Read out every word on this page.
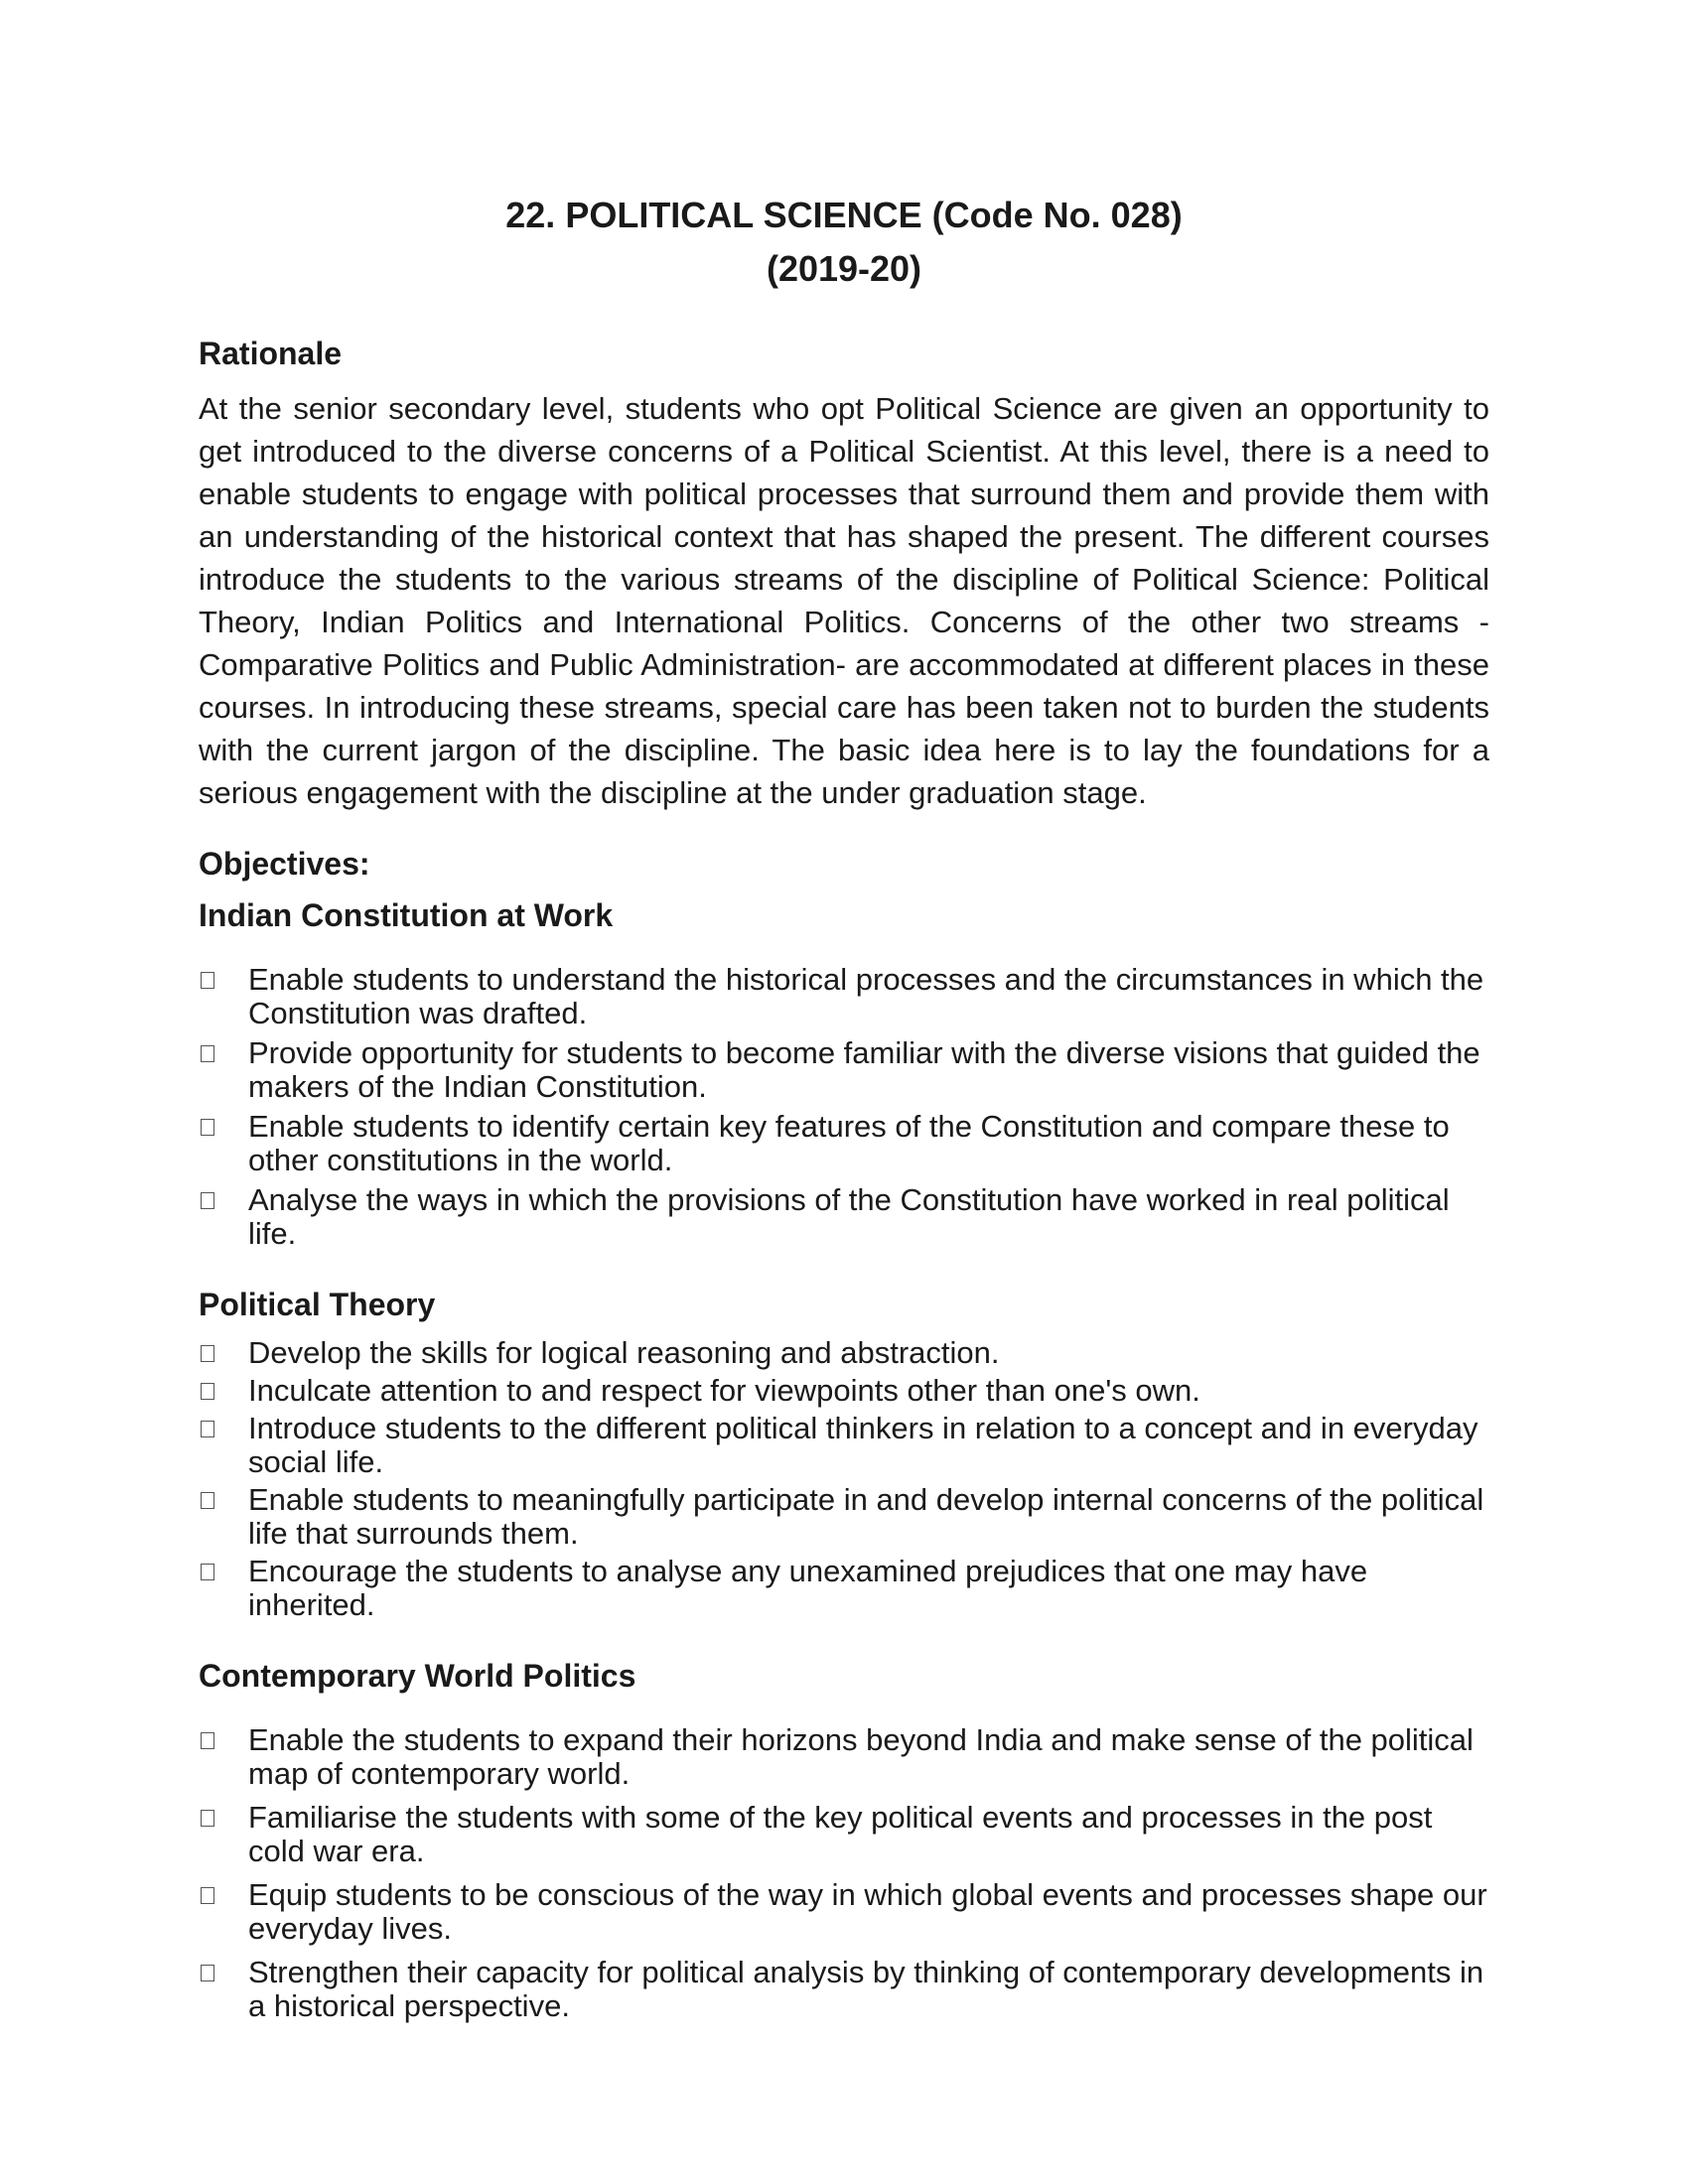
22. POLITICAL SCIENCE (Code No. 028)
(2019-20)
Rationale

At the senior secondary level, students who opt Political Science are given an opportunity to get introduced to the diverse concerns of a Political Scientist. At this level, there is a need to enable students to engage with political processes that surround them and provide them with an understanding of the historical context that has shaped the present. The different courses introduce the students to the various streams of the discipline of Political Science: Political Theory, Indian Politics and International Politics. Concerns of the other two streams - Comparative Politics and Public Administration- are accommodated at different places in these courses. In introducing these streams, special care has been taken not to burden the students with the current jargon of the discipline. The basic idea here is to lay the foundations for a serious engagement with the discipline at the under graduation stage.

Objectives:
Indian Constitution at Work
Enable students to understand the historical processes and the circumstances in which the Constitution was drafted.
Provide opportunity for students to become familiar with the diverse visions that guided the makers of the Indian Constitution.
Enable students to identify certain key features of the Constitution and compare these to other constitutions in the world.
Analyse the ways in which the provisions of the Constitution have worked in real political life.
Political Theory
Develop the skills for logical reasoning and abstraction.
Inculcate attention to and respect for viewpoints other than one's own.
Introduce students to the different political thinkers in relation to a concept and in everyday social life.
Enable students to meaningfully participate in and develop internal concerns of the political life that surrounds them.
Encourage the students to analyse any unexamined prejudices that one may have inherited.
Contemporary World Politics
Enable the students to expand their horizons beyond India and make sense of the political map of contemporary world.
Familiarise the students with some of the key political events and processes in the post cold war era.
Equip students to be conscious of the way in which global events and processes shape our everyday lives.
Strengthen their capacity for political analysis by thinking of contemporary developments in a historical perspective.
